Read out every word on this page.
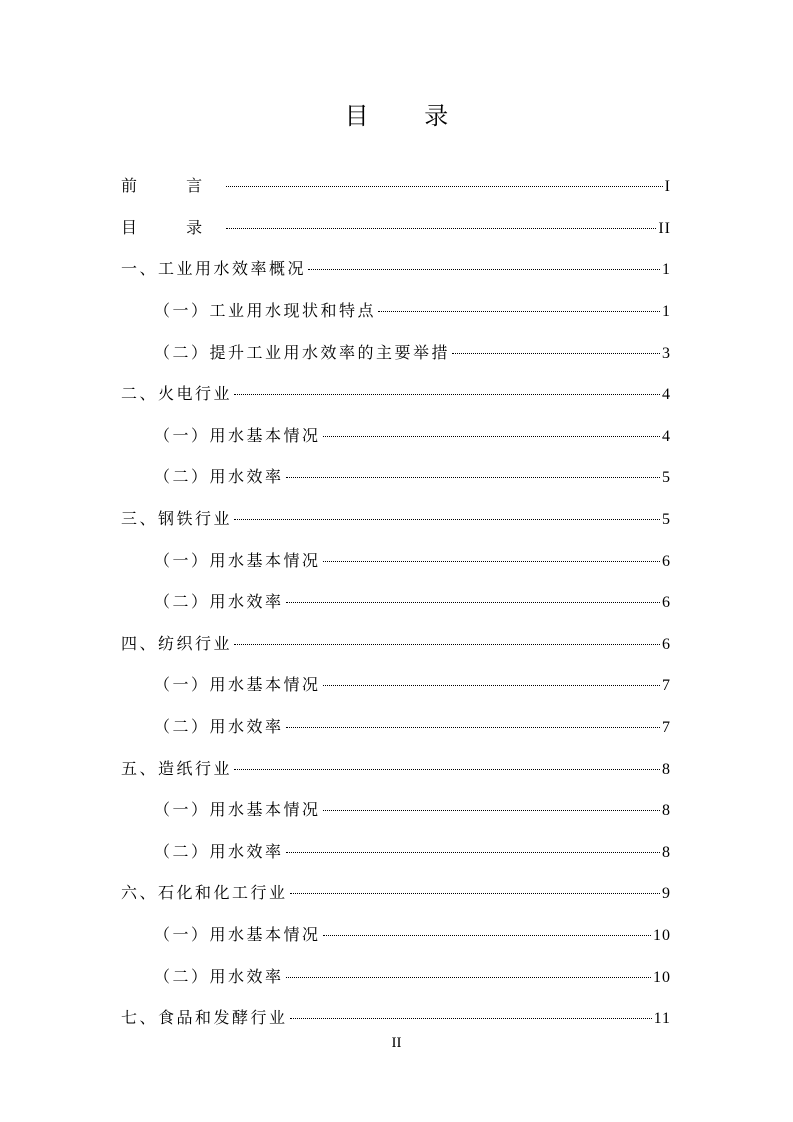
目 录
前 言	I
目 录	II
一、工业用水效率概况	1
（一）工业用水现状和特点	1
（二）提升工业用水效率的主要举措	3
二、火电行业	4
（一）用水基本情况	4
（二）用水效率	5
三、钢铁行业	5
（一）用水基本情况	6
（二）用水效率	6
四、纺织行业	6
（一）用水基本情况	7
（二）用水效率	7
五、造纸行业	8
（一）用水基本情况	8
（二）用水效率	8
六、石化和化工行业	9
（一）用水基本情况	10
（二）用水效率	10
七、食品和发酵行业	11
II
